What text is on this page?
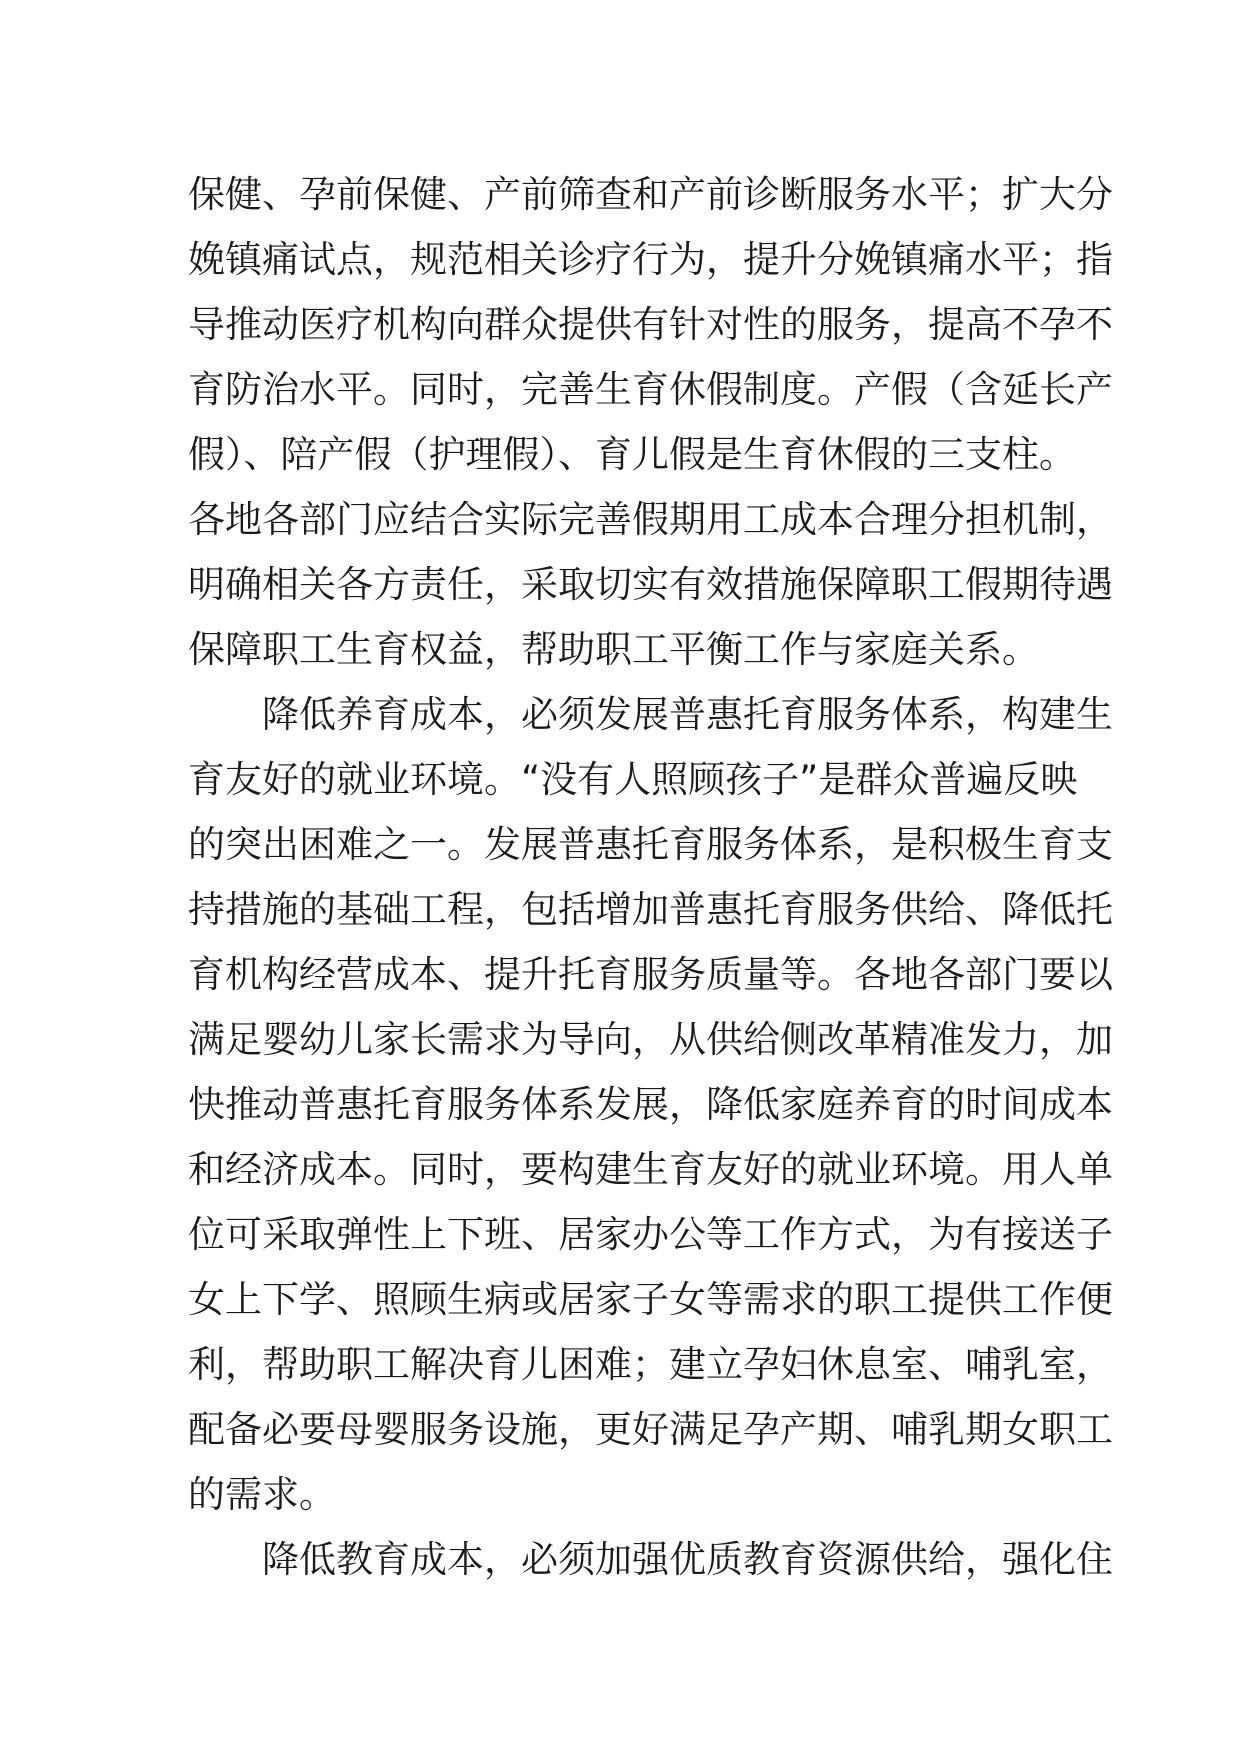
保健、孕前保健、产前筛查和产前诊断服务水平；扩大分
娩镇痛试点，规范相关诊疗行为，提升分娩镇痛水平；指
导推动医疗机构向群众提供有针对性的服务，提高不孕不
育防治水平。同时，完善生育休假制度。产假（含延长产
假）、陪产假（护理假）、育儿假是生育休假的三支柱。
各地各部门应结合实际完善假期用工成本合理分担机制，
明确相关各方责任，采取切实有效措施保障职工假期待遇
保障职工生育权益，帮助职工平衡工作与家庭关系。
降低养育成本，必须发展普惠托育服务体系，构建生
育友好的就业环境。“没有人照顾孩子”是群众普遍反映
的突出困难之一。发展普惠托育服务体系，是积极生育支
持措施的基础工程，包括增加普惠托育服务供给、降低托
育机构经营成本、提升托育服务质量等。各地各部门要以
满足婴幼儿家长需求为导向，从供给侧改革精准发力，加
快推动普惠托育服务体系发展，降低家庭养育的时间成本
和经济成本。同时，要构建生育友好的就业环境。用人单
位可采取弹性上下班、居家办公等工作方式，为有接送子
女上下学、照顾生病或居家子女等需求的职工提供工作便
利，帮助职工解决育儿困难；建立孕妇休息室、哺乳室，
配备必要母婴服务设施，更好满足孕产期、哺乳期女职工
的需求。
降低教育成本，必须加强优质教育资源供给，强化住
